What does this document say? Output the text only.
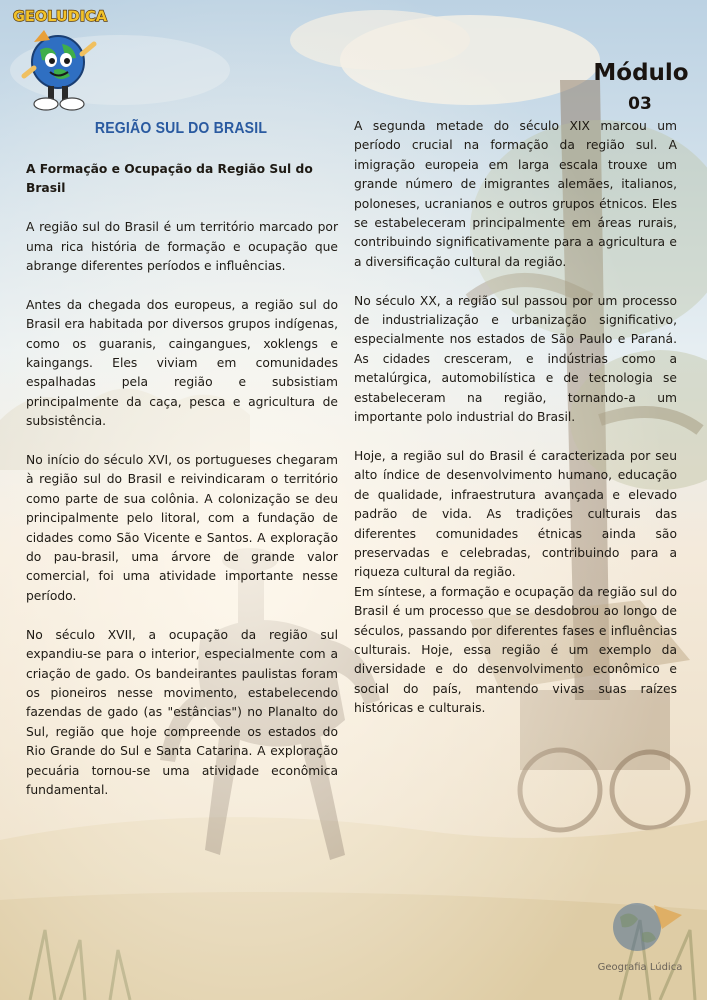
GEOLUDICA
Módulo
03
REGIÃO SUL DO BRASIL

A Formação e Ocupação da Região Sul do Brasil

A região sul do Brasil é um território marcado por uma rica história de formação e ocupação que abrange diferentes períodos e influências.

Antes da chegada dos europeus, a região sul do Brasil era habitada por diversos grupos indígenas, como os guaranis, caingangues, xoklengs e kaingangs. Eles viviam em comunidades espalhadas pela região e subsistiam principalmente da caça, pesca e agricultura de subsistência.

No início do século XVI, os portugueses chegaram à região sul do Brasil e reivindicaram o território como parte de sua colônia. A colonização se deu principalmente pelo litoral, com a fundação de cidades como São Vicente e Santos. A exploração do pau-brasil, uma árvore de grande valor comercial, foi uma atividade importante nesse período.

No século XVII, a ocupação da região sul expandiu-se para o interior, especialmente com a criação de gado. Os bandeirantes paulistas foram os pioneiros nesse movimento, estabelecendo fazendas de gado (as "estâncias") no Planalto do Sul, região que hoje compreende os estados do Rio Grande do Sul e Santa Catarina. A exploração pecuária tornou-se uma atividade econômica fundamental.

A segunda metade do século XIX marcou um período crucial na formação da região sul. A imigração europeia em larga escala trouxe um grande número de imigrantes alemães, italianos, poloneses, ucranianos e outros grupos étnicos. Eles se estabeleceram principalmente em áreas rurais, contribuindo significativamente para a agricultura e a diversificação cultural da região.

No século XX, a região sul passou por um processo de industrialização e urbanização significativo, especialmente nos estados de São Paulo e Paraná. As cidades cresceram, e indústrias como a metalúrgica, automobilística e de tecnologia se estabeleceram na região, tornando-a um importante polo industrial do Brasil.

Hoje, a região sul do Brasil é caracterizada por seu alto índice de desenvolvimento humano, educação de qualidade, infraestrutura avançada e elevado padrão de vida. As tradições culturais das diferentes comunidades étnicas ainda são preservadas e celebradas, contribuindo para a riqueza cultural da região.

Em síntese, a formação e ocupação da região sul do Brasil é um processo que se desdobrou ao longo de séculos, passando por diferentes fases e influências culturais. Hoje, essa região é um exemplo da diversidade e do desenvolvimento econômico e social do país, mantendo vivas suas raízes históricas e culturais.

Geografia Lúdica
